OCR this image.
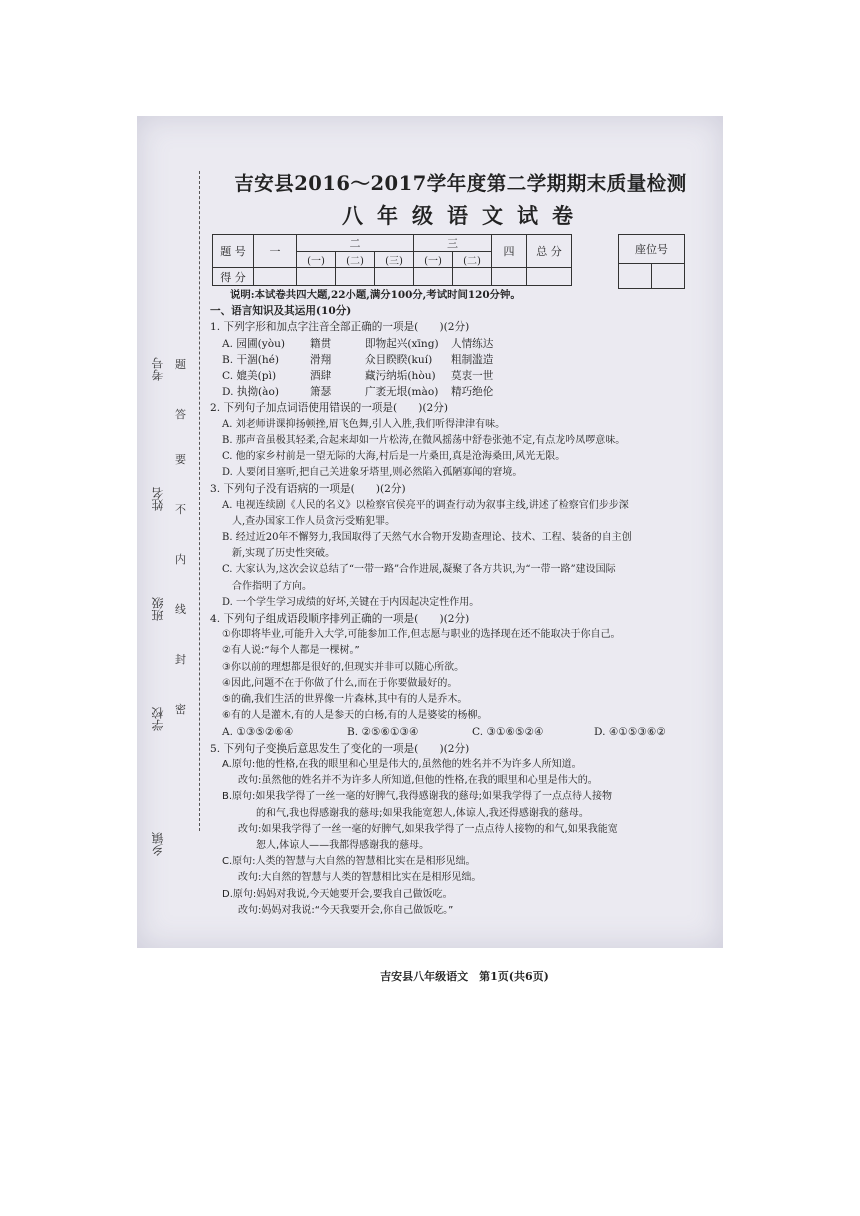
乡镇
学校
班级
姓名
考号
密
封
线
内
不
要
答
题
吉安县2016～2017学年度第二学期期末质量检测
八年级语文试卷
题 号	一	二			三		四	总 分
		(一)	(二)	(三)	(一)	(二)		
得 分								
座位号

说明:本试卷共四大题,22小题,满分100分,考试时间120分钟。

一、语言知识及其运用(10分)

1. 下列字形和加点字注音全部正确的一项是(　　)(2分)

A. 园圃(yòu)	籍贯	即物起兴(xīng)	人情练达

B. 干涸(hé)	滑翔	众目睽睽(kuí)	粗制滥造

C. 媲美(pì)	酒肆	藏污纳垢(hòu)	莫衷一世

D. 执拗(ào)	箫瑟	广袤无垠(mào)	精巧绝伦

2. 下列句子加点词语使用错误的一项是(　　)(2分)

A. 刘老师讲课抑扬顿挫,眉飞色舞,引人入胜,我们听得津津有味。

B. 那声音虽极其轻柔,合起来却如一片松涛,在微风摇荡中舒卷张弛不定,有点龙吟凤啰意味。

C. 他的家乡村前是一望无际的大海,村后是一片桑田,真是沧海桑田,风光无限。

D. 人要闭目塞听,把自己关进象牙塔里,则必然陷入孤陋寡闻的窘境。

3. 下列句子没有语病的一项是(　　)(2分)

A. 电视连续剧《人民的名义》以检察官侯亮平的调查行动为叙事主线,讲述了检察官们步步深

人,查办国家工作人员贪污受贿犯罪。

B. 经过近20年不懈努力,我国取得了天然气水合物开发勘查理论、技术、工程、装备的自主创

新,实现了历史性突破。

C. 大家认为,这次会议总结了“一带一路”合作进展,凝聚了各方共识,为“一带一路”建设国际

合作指明了方向。

D. 一个学生学习成绩的好坏,关键在于内因起决定性作用。

4. 下列句子组成语段顺序排列正确的一项是(　　)(2分)

①你即将毕业,可能升入大学,可能参加工作,但志愿与职业的选择现在还不能取决于你自己。

②有人说:“每个人都是一棵树。”

③你以前的理想都是很好的,但现实并非可以随心所欲。

④因此,问题不在于你做了什么,而在于你要做最好的。

⑤的确,我们生活的世界像一片森林,其中有的人是乔木。

⑥有的人是灌木,有的人是参天的白杨,有的人是婆娑的杨柳。

A. ①③⑤②⑥④	B. ②⑤⑥①③④	C. ③①⑥⑤②④	D. ④①⑤③⑥②

5. 下列句子变换后意思发生了变化的一项是(　　)(2分)

A.原句:他的性格,在我的眼里和心里是伟大的,虽然他的姓名并不为许多人所知道。

改句:虽然他的姓名并不为许多人所知道,但他的性格,在我的眼里和心里是伟大的。

B.原句:如果我学得了一丝一毫的好脾气,我得感谢我的慈母;如果我学得了一点点待人接物

的和气,我也得感谢我的慈母;如果我能宽恕人,体谅人,我还得感谢我的慈母。

改句:如果我学得了一丝一毫的好脾气,如果我学得了一点点待人接物的和气,如果我能宽

恕人,体谅人——我都得感谢我的慈母。

C.原句:人类的智慧与大自然的智慧相比实在是相形见绌。

改句:大自然的智慧与人类的智慧相比实在是相形见绌。

D.原句:妈妈对我说,今天她要开会,要我自己做饭吃。

改句:妈妈对我说:“今天我要开会,你自己做饭吃。”

吉安县八年级语文　第1页(共6页)
